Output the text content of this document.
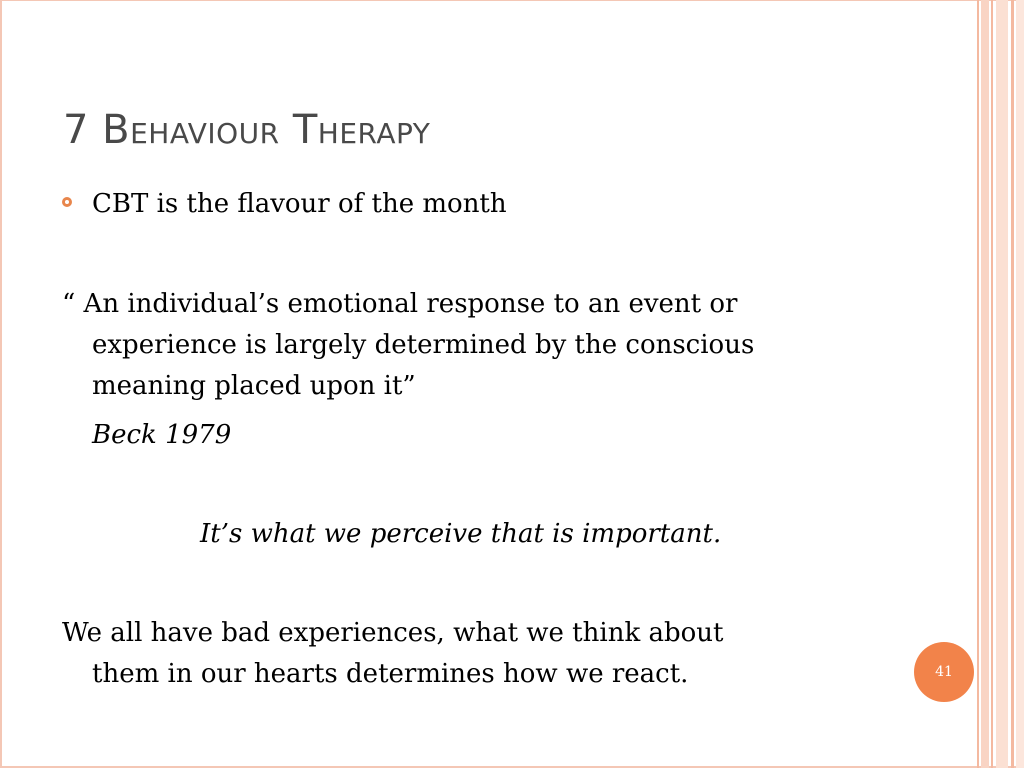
7 Behaviour Therapy

CBT is the flavour of the month

“ An individual’s emotional response to an event or

experience is largely determined by the conscious

meaning placed upon it”

Beck 1979

It’s what we perceive that is important.

We all have bad experiences, what we think about

them in our hearts determines how we react.	41
